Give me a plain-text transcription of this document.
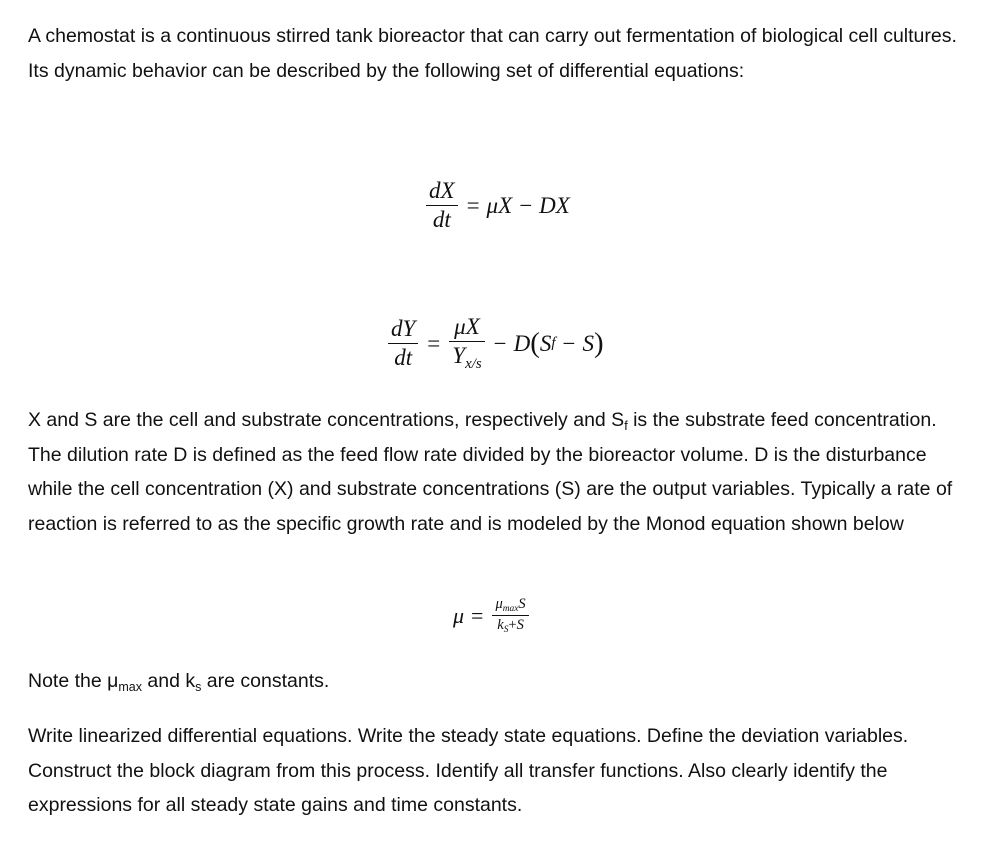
A chemostat is a continuous stirred tank bioreactor that can carry out fermentation of biological cell cultures. Its dynamic behavior can be described by the following set of differential equations:

$\frac{dX}{dt} = \mu X$ − DX
$\frac{dY}{dt} = \frac{\mu X}{Y_{x/s}} - D$ ( S f − S )

X and S are the cell and substrate concentrations, respectively and $S_f$ is the substrate feed concentration. The dilution rate D is defined as the feed flow rate divided by the bioreactor volume. D is the disturbance while the cell concentration (X) and substrate concentrations (S) are the output variables. Typically a rate of reaction is referred to as the specific growth rate and is modeled by the Monod equation shown below

$\mu = \frac{\mu_{max}S}{k_S+S}$

Note the $\mu_{max}$ and $k_s$ are constants.

Write linearized differential equations. Write the steady state equations. Define the deviation variables. Construct the block diagram from this process. Identify all transfer functions. Also clearly identify the expressions for all steady state gains and time constants.
